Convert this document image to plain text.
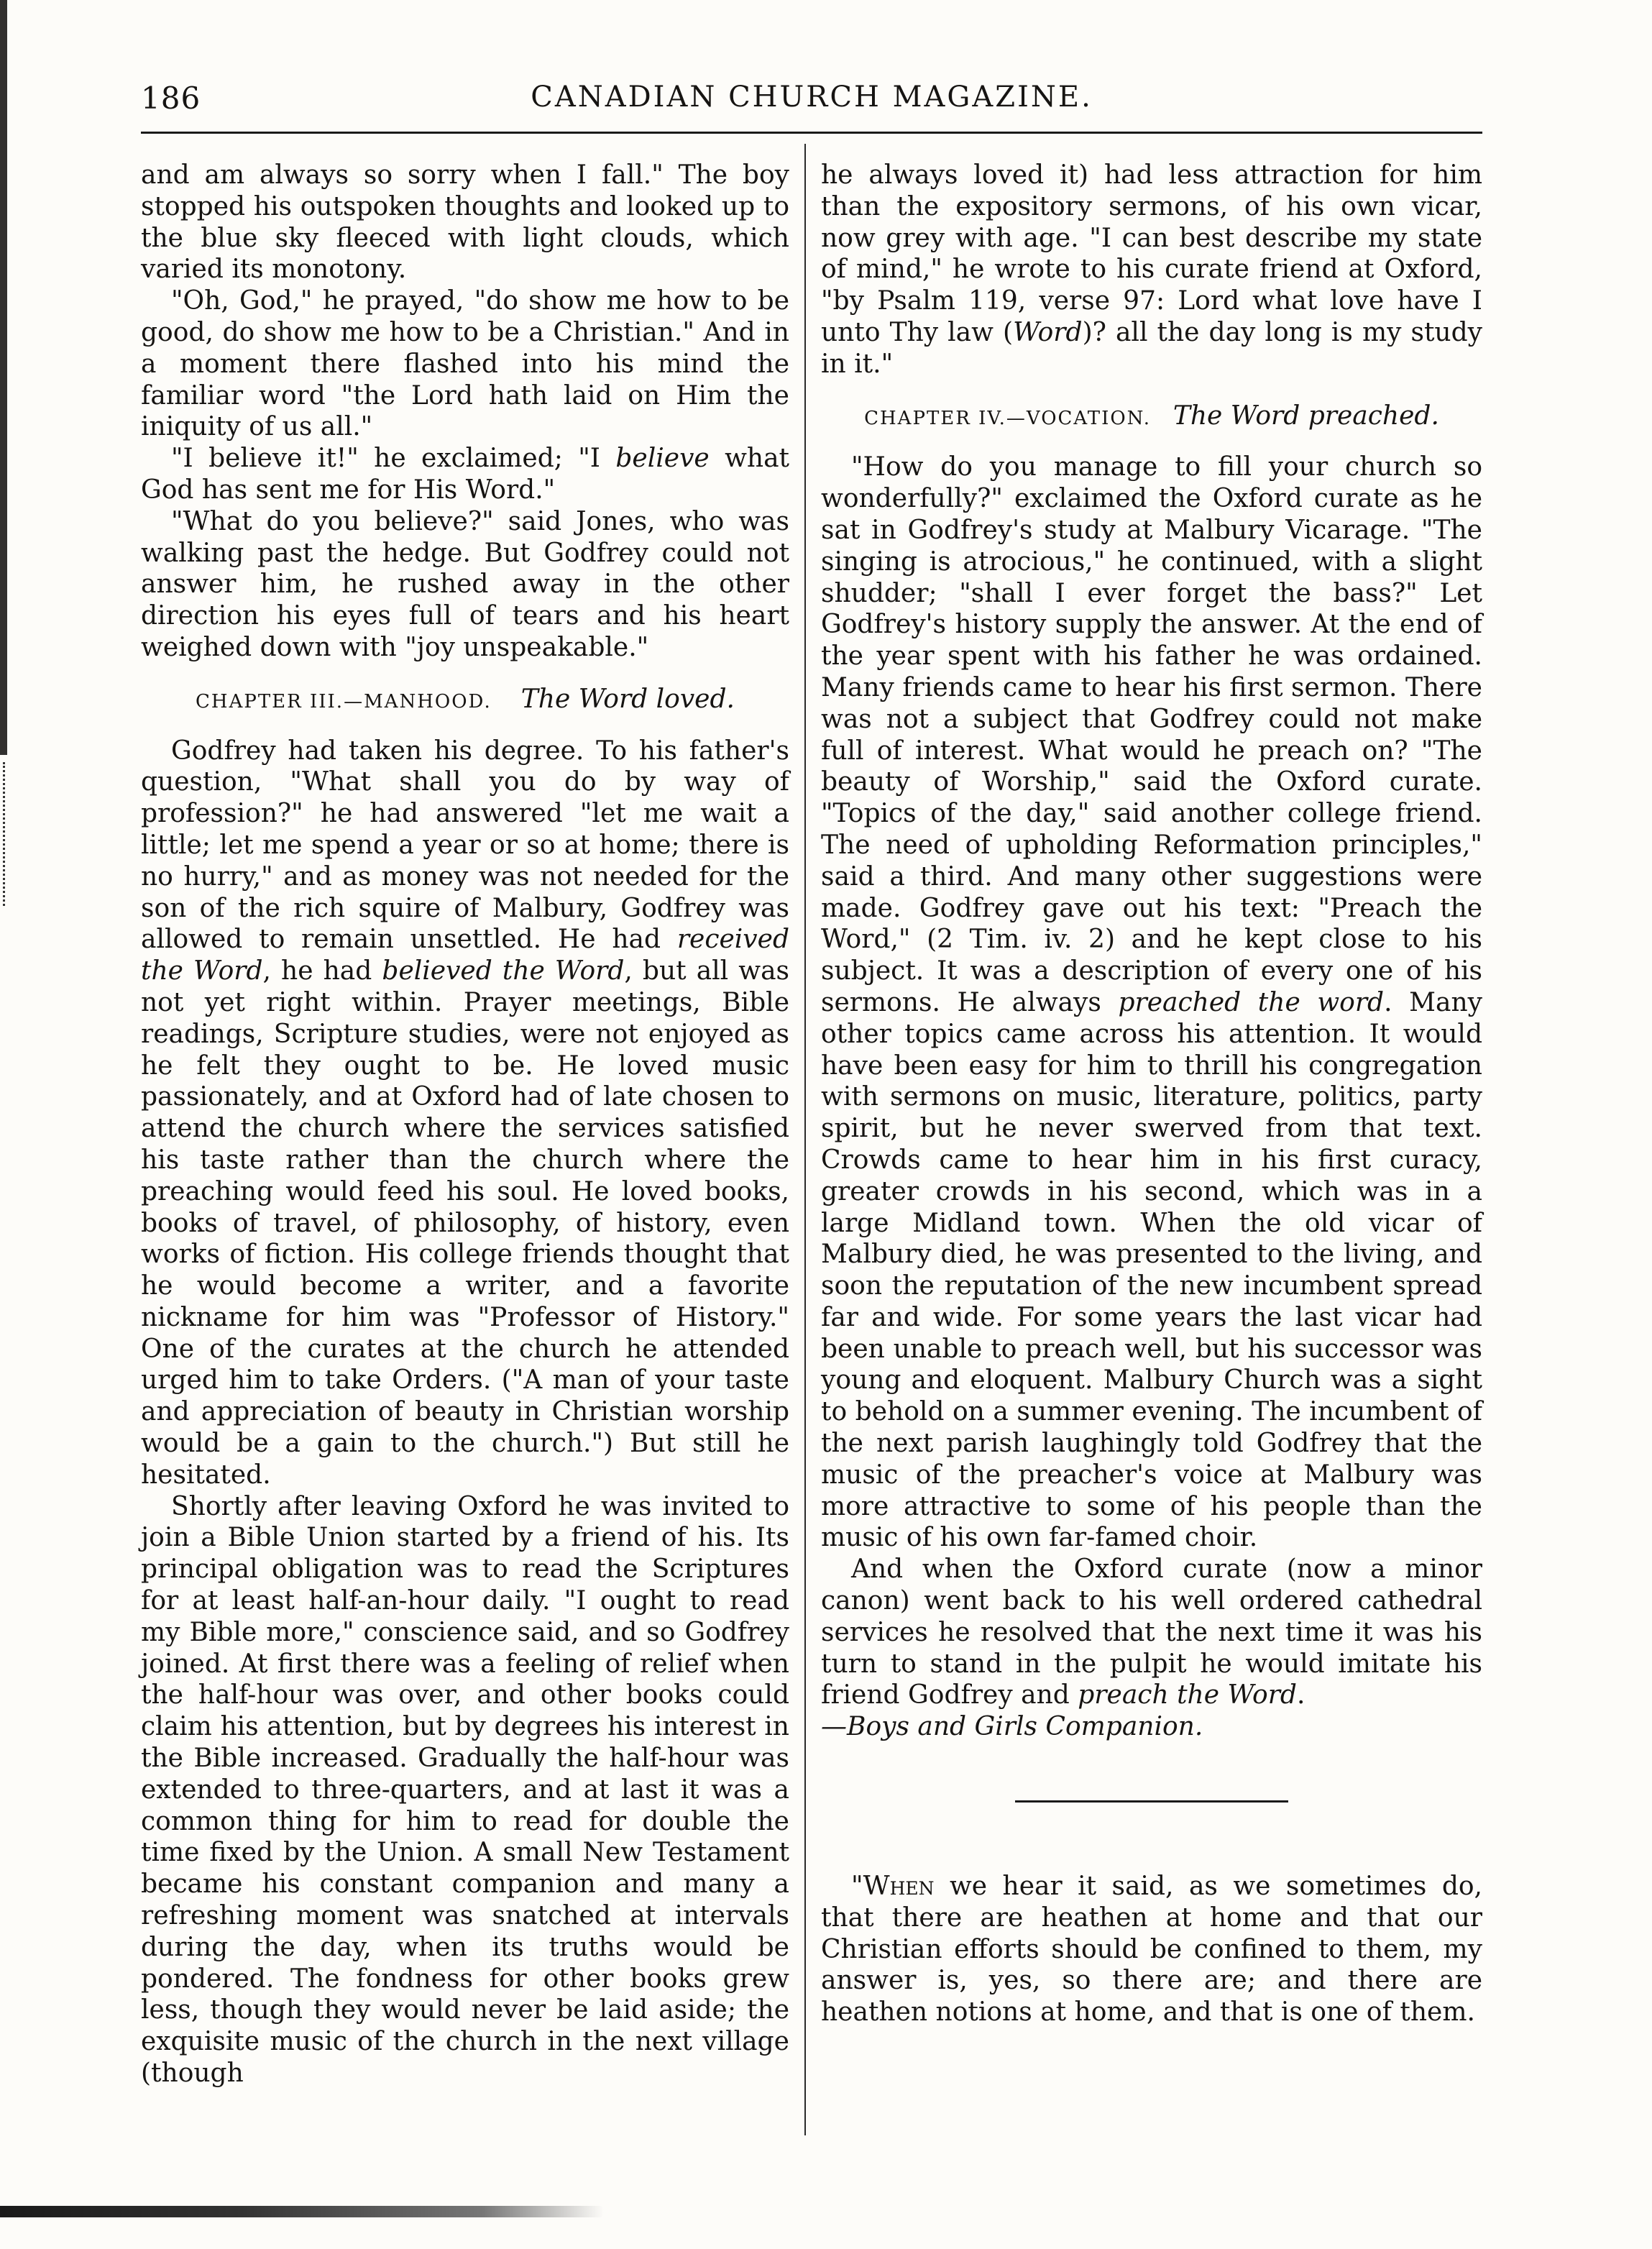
186	CANADIAN CHURCH MAGAZINE.

and am always so sorry when I fall." The boy stopped his outspoken thoughts and looked up to the blue sky fleeced with light clouds, which varied its monotony.

"Oh, God," he prayed, "do show me how to be good, do show me how to be a Christian." And in a moment there flashed into his mind the familiar word "the Lord hath laid on Him the iniquity of us all."

"I believe it!" he exclaimed; "I believe what God has sent me for His Word."

"What do you believe?" said Jones, who was walking past the hedge. But Godfrey could not answer him, he rushed away in the other direction his eyes full of tears and his heart weighed down with "joy unspeakable."

CHAPTER III.—MANHOOD. The Word loved.

Godfrey had taken his degree. To his father's question, "What shall you do by way of profession?" he had answered "let me wait a little; let me spend a year or so at home; there is no hurry," and as money was not needed for the son of the rich squire of Malbury, Godfrey was allowed to remain unsettled. He had received the Word, he had believed the Word, but all was not yet right within. Prayer meetings, Bible readings, Scripture studies, were not enjoyed as he felt they ought to be. He loved music passionately, and at Oxford had of late chosen to attend the church where the services satisfied his taste rather than the church where the preaching would feed his soul. He loved books, books of travel, of philosophy, of history, even works of fiction. His college friends thought that he would become a writer, and a favorite nickname for him was "Professor of History." One of the curates at the church he attended urged him to take Orders. ("A man of your taste and appreciation of beauty in Christian worship would be a gain to the church.") But still he hesitated.

Shortly after leaving Oxford he was invited to join a Bible Union started by a friend of his. Its principal obligation was to read the Scriptures for at least half-an-hour daily. "I ought to read my Bible more," conscience said, and so Godfrey joined. At first there was a feeling of relief when the half-hour was over, and other books could claim his attention, but by degrees his interest in the Bible increased. Gradually the half-hour was extended to three-quarters, and at last it was a common thing for him to read for double the time fixed by the Union. A small New Testament became his constant companion and many a refreshing moment was snatched at intervals during the day, when its truths would be pondered. The fondness for other books grew less, though they would never be laid aside; the exquisite music of the church in the next village (though

he always loved it) had less attraction for him than the expository sermons, of his own vicar, now grey with age. "I can best describe my state of mind," he wrote to his curate friend at Oxford, "by Psalm 119, verse 97: Lord what love have I unto Thy law (Word)? all the day long is my study in it."

CHAPTER IV.—VOCATION. The Word preached.

"How do you manage to fill your church so wonderfully?" exclaimed the Oxford curate as he sat in Godfrey's study at Malbury Vicarage. "The singing is atrocious," he continued, with a slight shudder; "shall I ever forget the bass?" Let Godfrey's history supply the answer. At the end of the year spent with his father he was ordained. Many friends came to hear his first sermon. There was not a subject that Godfrey could not make full of interest. What would he preach on? "The beauty of Worship," said the Oxford curate. "Topics of the day," said another college friend. The need of upholding Reformation principles," said a third. And many other suggestions were made. Godfrey gave out his text: "Preach the Word," (2 Tim. iv. 2) and he kept close to his subject. It was a description of every one of his sermons. He always preached the word. Many other topics came across his attention. It would have been easy for him to thrill his congregation with sermons on music, literature, politics, party spirit, but he never swerved from that text. Crowds came to hear him in his first curacy, greater crowds in his second, which was in a large Midland town. When the old vicar of Malbury died, he was presented to the living, and soon the reputation of the new incumbent spread far and wide. For some years the last vicar had been unable to preach well, but his successor was young and eloquent. Malbury Church was a sight to behold on a summer evening. The incumbent of the next parish laughingly told Godfrey that the music of the preacher's voice at Malbury was more attractive to some of his people than the music of his own far-famed choir.

And when the Oxford curate (now a minor canon) went back to his well ordered cathedral services he resolved that the next time it was his turn to stand in the pulpit he would imitate his friend Godfrey and preach the Word.

—Boys and Girls Companion.

"When we hear it said, as we sometimes do, that there are heathen at home and that our Christian efforts should be confined to them, my answer is, yes, so there are; and there are heathen notions at home, and that is one of them.
